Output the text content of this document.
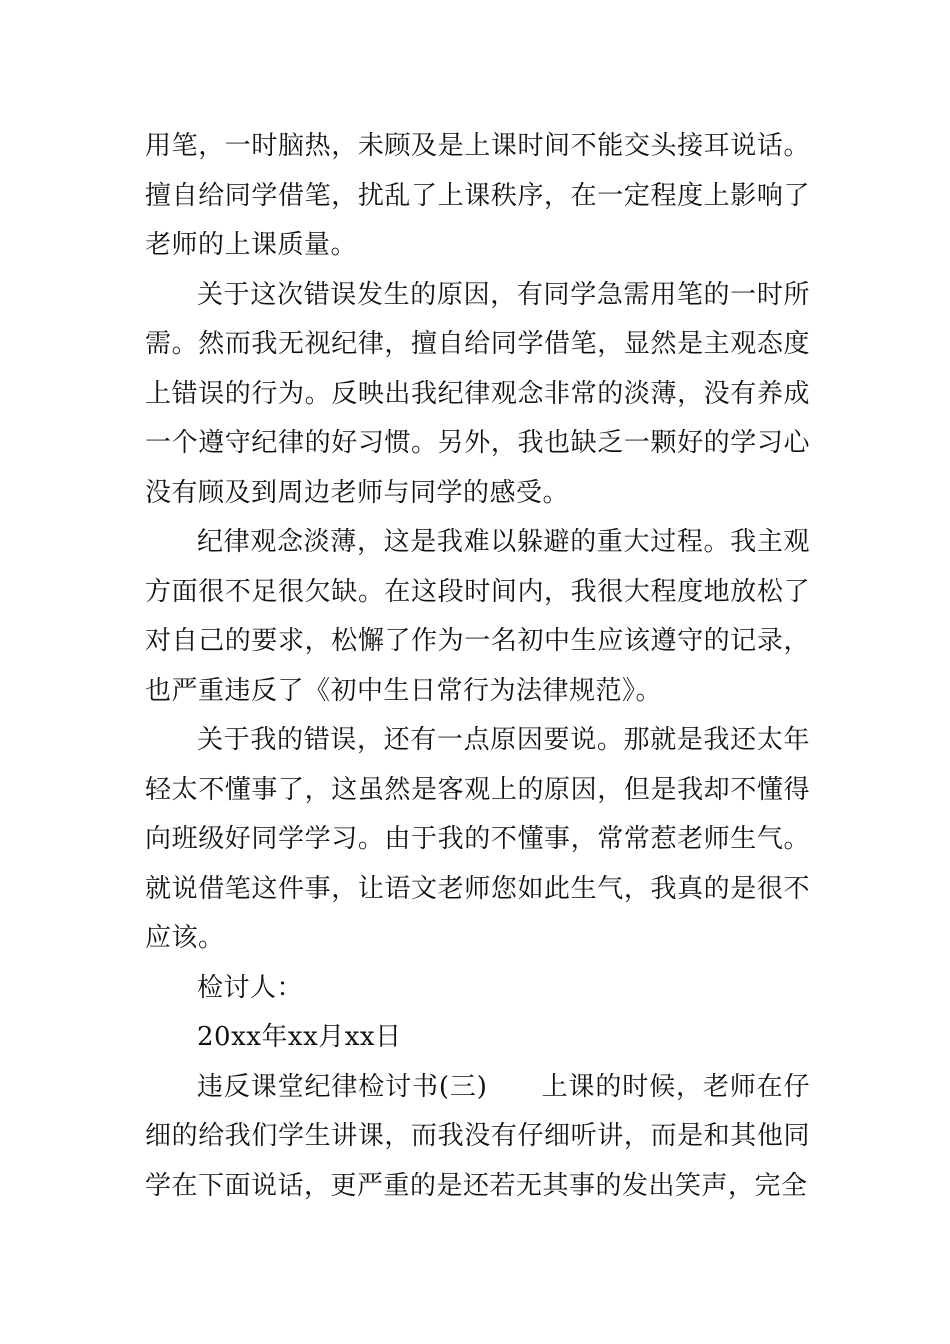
用笔，一时脑热，未顾及是上课时间不能交头接耳说话。擅自给同学借笔，扰乱了上课秩序，在一定程度上影响了老师的上课质量。

关于这次错误发生的原因，有同学急需用笔的一时所需。然而我无视纪律，擅自给同学借笔，显然是主观态度上错误的行为。反映出我纪律观念非常的淡薄，没有养成一个遵守纪律的好习惯。另外，我也缺乏一颗好的学习心没有顾及到周边老师与同学的感受。

纪律观念淡薄，这是我难以躲避的重大过程。我主观方面很不足很欠缺。在这段时间内，我很大程度地放松了对自己的要求，松懈了作为一名初中生应该遵守的记录，也严重违反了《初中生日常行为法律规范》。

关于我的错误，还有一点原因要说。那就是我还太年轻太不懂事了，这虽然是客观上的原因，但是我却不懂得向班级好同学学习。由于我的不懂事，常常惹老师生气。就说借笔这件事，让语文老师您如此生气，我真的是很不应该。

检讨人：

20xx年xx月xx日

违反课堂纪律检讨书(三)　　 上课的时候，老师在仔细的给我们学生讲课，而我没有仔细听讲，而是和其他同学在下面说话，更严重的是还若无其事的发出笑声，完全
